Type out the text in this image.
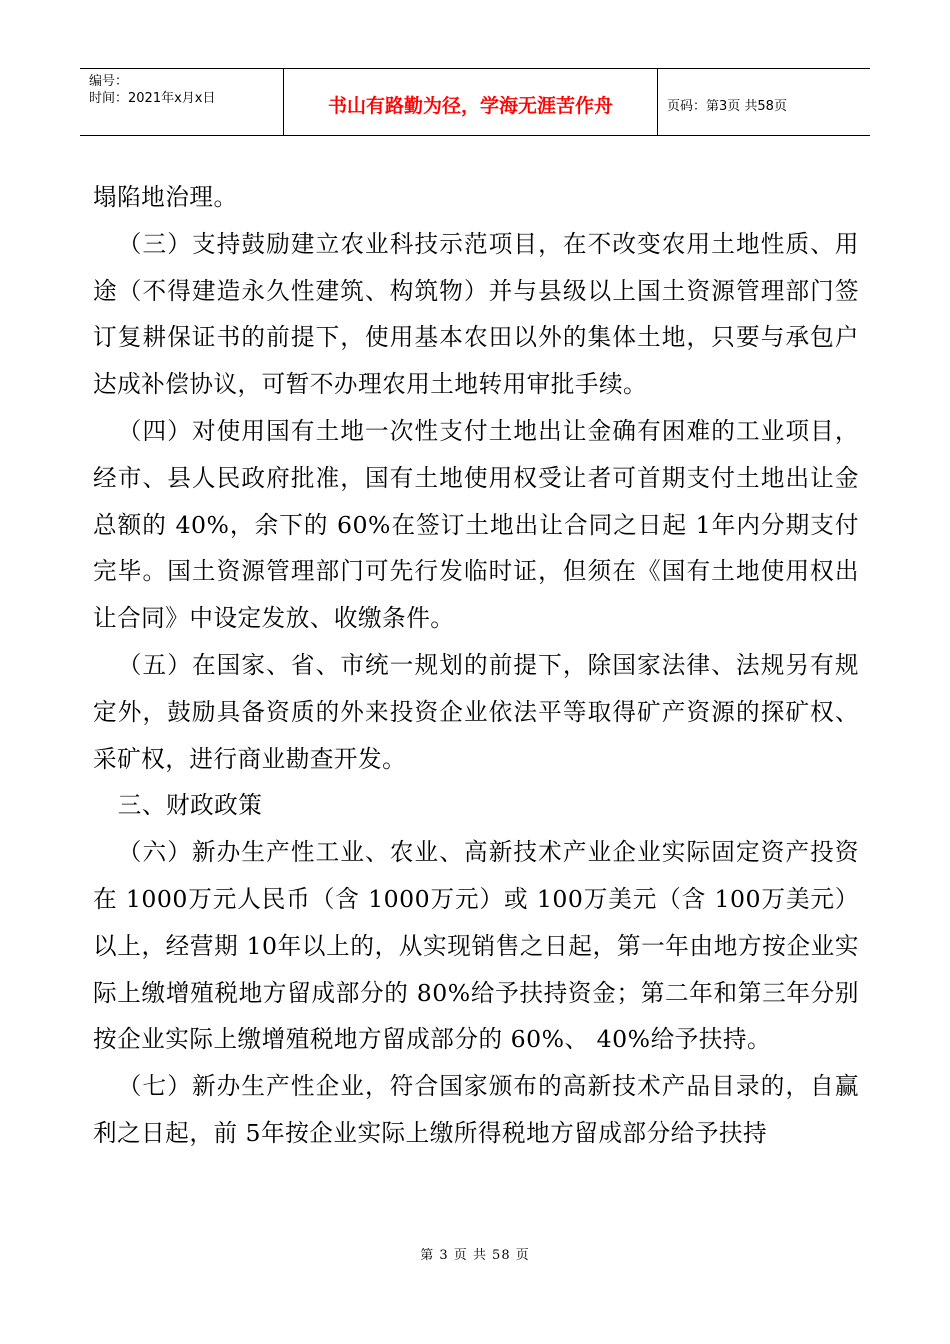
编号：
时间：2021年x月x日	书山有路勤为径，学海无涯苦作舟	页码：第3页 共58页

塌陷地治理。

（三）支持鼓励建立农业科技示范项目，在不改变农用土地性质、用途（不得建造永久性建筑、构筑物）并与县级以上国土资源管理部门签订复耕保证书的前提下，使用基本农田以外的集体土地，只要与承包户达成补偿协议，可暂不办理农用土地转用审批手续。

（四）对使用国有土地一次性支付土地出让金确有困难的工业项目，经市、县人民政府批准，国有土地使用权受让者可首期支付土地出让金总额的 40%，余下的 60%在签订土地出让合同之日起 1年内分期支付完毕。国土资源管理部门可先行发临时证，但须在《国有土地使用权出让合同》中设定发放、收缴条件。

（五）在国家、省、市统一规划的前提下，除国家法律、法规另有规定外，鼓励具备资质的外来投资企业依法平等取得矿产资源的探矿权、采矿权，进行商业勘查开发。

三、财政政策

（六）新办生产性工业、农业、高新技术产业企业实际固定资产投资在 1000万元人民币（含 1000万元）或 100万美元（含 100万美元）以上，经营期 10年以上的，从实现销售之日起，第一年由地方按企业实际上缴增殖税地方留成部分的 80%给予扶持资金；第二年和第三年分别按企业实际上缴增殖税地方留成部分的 60%、 40%给予扶持。

（七）新办生产性企业，符合国家颁布的高新技术产品目录的，自赢利之日起，前 5年按企业实际上缴所得税地方留成部分给予扶持

第 3 页 共 58 页
